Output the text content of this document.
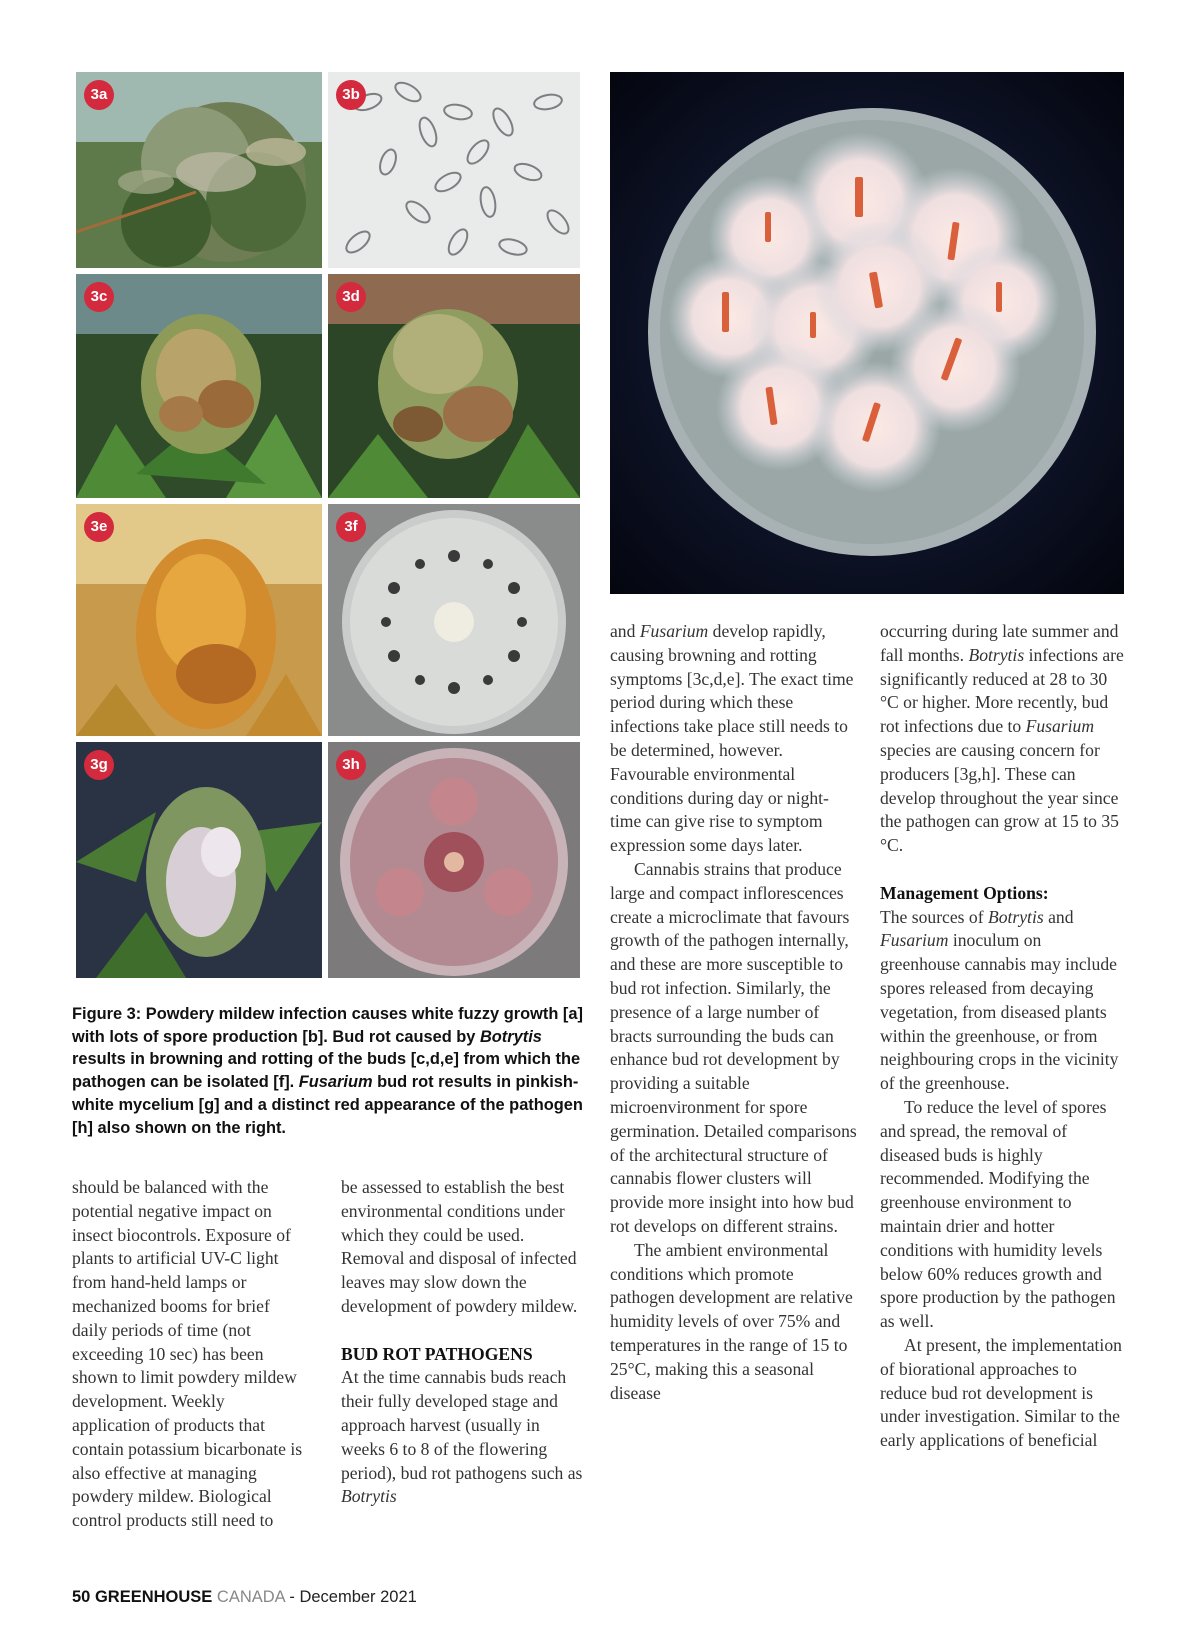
3a	3b
3c	3d
3e	3f
3g	3h

Figure 3: Powdery mildew infection causes white fuzzy growth [a] with lots of spore production [b]. Bud rot caused by Botrytis results in browning and rotting of the buds [c,d,e] from which the pathogen can be isolated [f]. Fusarium bud rot results in pinkish-white mycelium [g] and a distinct red appearance of the pathogen [h] also shown on the right.

should be balanced with the potential negative impact on insect biocontrols. Exposure of plants to artificial UV-C light from hand-held lamps or mechanized booms for brief daily periods of time (not exceeding 10 sec) has been shown to limit powdery mildew development. Weekly application of products that contain potassium bicarbonate is also effective at managing powdery mildew. Biological control products still need to

be assessed to establish the best environmental conditions under which they could be used. Removal and disposal of infected leaves may slow down the development of powdery mildew.

BUD ROT PATHOGENS

At the time cannabis buds reach their fully developed stage and approach harvest (usually in weeks 6 to 8 of the flowering period), bud rot pathogens such as Botrytis

and Fusarium develop rapidly, causing browning and rotting symptoms [3c,d,e]. The exact time period during which these infections take place still needs to be determined, however. Favourable environmental conditions during day or night-time can give rise to symptom expression some days later.

Cannabis strains that produce large and compact inflorescences create a microclimate that favours growth of the pathogen internally, and these are more susceptible to bud rot infection. Similarly, the presence of a large number of bracts surrounding the buds can enhance bud rot development by providing a suitable microenvironment for spore germination. Detailed comparisons of the architectural structure of cannabis flower clusters will provide more insight into how bud rot develops on different strains.

The ambient environmental conditions which promote pathogen development are relative humidity levels of over 75% and temperatures in the range of 15 to 25°C, making this a seasonal disease

occurring during late summer and fall months. Botrytis infections are significantly reduced at 28 to 30 °C or higher. More recently, bud rot infections due to Fusarium species are causing concern for producers [3g,h]. These can develop throughout the year since the pathogen can grow at 15 to 35 °C.

Management Options:

The sources of Botrytis and Fusarium inoculum on greenhouse cannabis may include spores released from decaying vegetation, from diseased plants within the greenhouse, or from neighbouring crops in the vicinity of the greenhouse.

To reduce the level of spores and spread, the removal of diseased buds is highly recommended. Modifying the greenhouse environment to maintain drier and hotter conditions with humidity levels below 60% reduces growth and spore production by the pathogen as well.

At present, the implementation of biorational approaches to reduce bud rot development is under investigation. Similar to the early applications of beneficial

50 GREENHOUSE CANADA - December 2021
